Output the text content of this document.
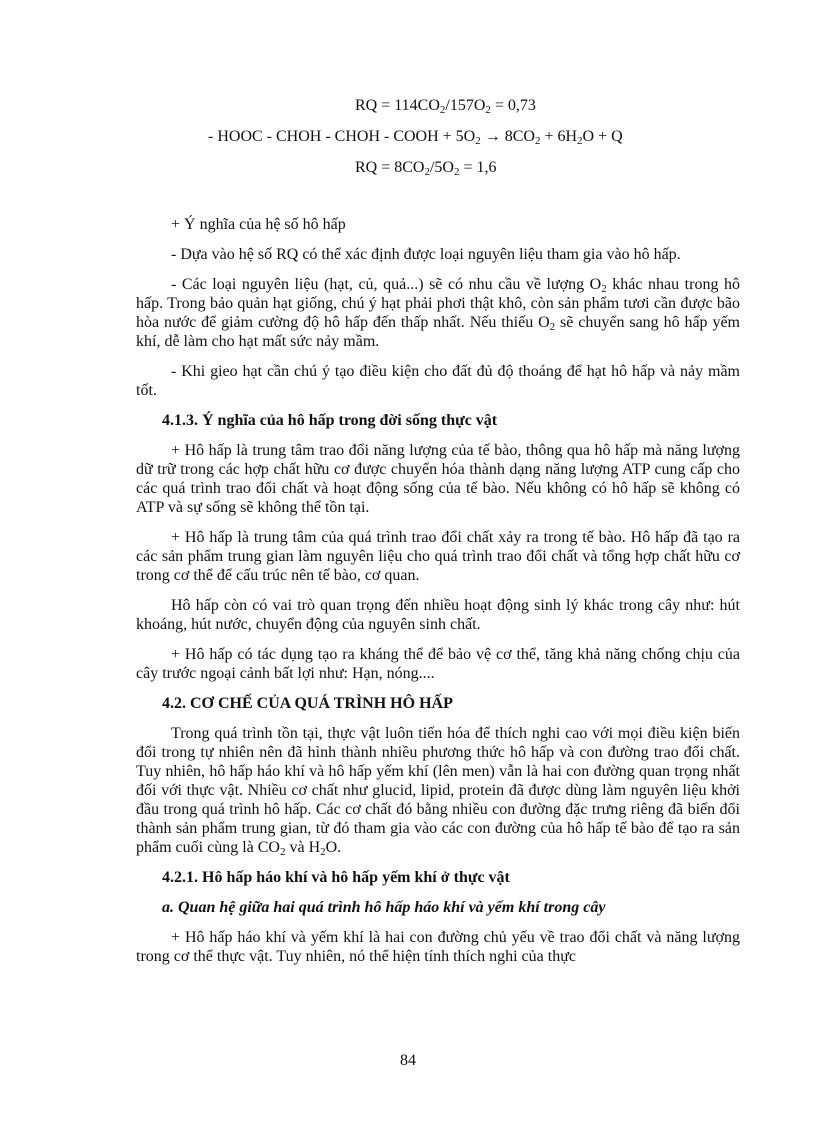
RQ = $114CO_2/157O_2 = 0,73$
- HOOC - CHOH - CHOH - COOH + $5O_2 \to 8CO_2 + 6H_2O + Q$
RQ = $8CO_2/5O_2 = 1,6$

+ Ý nghĩa của hệ số hô hấp

- Dựa vào hệ số RQ có thể xác định được loại nguyên liệu tham gia vào hô hấp.

- Các loại nguyên liệu (hạt, củ, quả...) sẽ có nhu cầu về lượng $O_2$ khác nhau trong hô hấp. Trong bảo quản hạt giống, chú ý hạt phải phơi thật khô, còn sản phẩm tươi cần được bão hòa nước để giảm cường độ hô hấp đến thấp nhất. Nếu thiếu $O_2$ sẽ chuyển sang hô hấp yếm khí, dễ làm cho hạt mất sức nảy mầm.

- Khi gieo hạt cần chú ý tạo điều kiện cho đất đủ độ thoáng để hạt hô hấp và nảy mầm tốt.

4.1.3. Ý nghĩa của hô hấp trong đời sống thực vật

+ Hô hấp là trung tâm trao đổi năng lượng của tế bào, thông qua hô hấp mà năng lượng dữ trữ trong các hợp chất hữu cơ được chuyển hóa thành dạng năng lượng ATP cung cấp cho các quá trình trao đổi chất và hoạt động sống của tế bào. Nếu không có hô hấp sẽ không có ATP và sự sống sẽ không thể tồn tại.

+ Hô hấp là trung tâm của quá trình trao đổi chất xảy ra trong tế bào. Hô hấp đã tạo ra các sản phẩm trung gian làm nguyên liệu cho quá trình trao đổi chất và tổng hợp chất hữu cơ trong cơ thể để cấu trúc nên tế bào, cơ quan.

Hô hấp còn có vai trò quan trọng đến nhiều hoạt động sinh lý khác trong cây như: hút khoáng, hút nước, chuyển động của nguyên sinh chất.

+ Hô hấp có tác dụng tạo ra kháng thể để bảo vệ cơ thể, tăng khả năng chống chịu của cây trước ngoại cảnh bất lợi như: Hạn, nóng....

4.2. CƠ CHẾ CỦA QUÁ TRÌNH HÔ HẤP

Trong quá trình tồn tại, thực vật luôn tiến hóa để thích nghi cao với mọi điều kiện biến đổi trong tự nhiên nên đã hình thành nhiều phương thức hô hấp và con đường trao đổi chất. Tuy nhiên, hô hấp háo khí và hô hấp yếm khí (lên men) vẫn là hai con đường quan trọng nhất đối với thực vật. Nhiều cơ chất như glucid, lipid, protein đã được dùng làm nguyên liệu khởi đầu trong quá trình hô hấp. Các cơ chất đó bằng nhiều con đường đặc trưng riêng đã biến đổi thành sản phẩm trung gian, từ đó tham gia vào các con đường của hô hấp tế bào để tạo ra sản phẩm cuối cùng là $CO_2$ và $H_2O$.

4.2.1. Hô hấp háo khí và hô hấp yếm khí ở thực vật
a. Quan hệ giữa hai quá trình hô hấp háo khí và yếm khí trong cây

+ Hô hấp háo khí và yếm khí là hai con đường chủ yếu về trao đổi chất và năng lượng trong cơ thể thực vật. Tuy nhiên, nó thể hiện tính thích nghi của thực

84
